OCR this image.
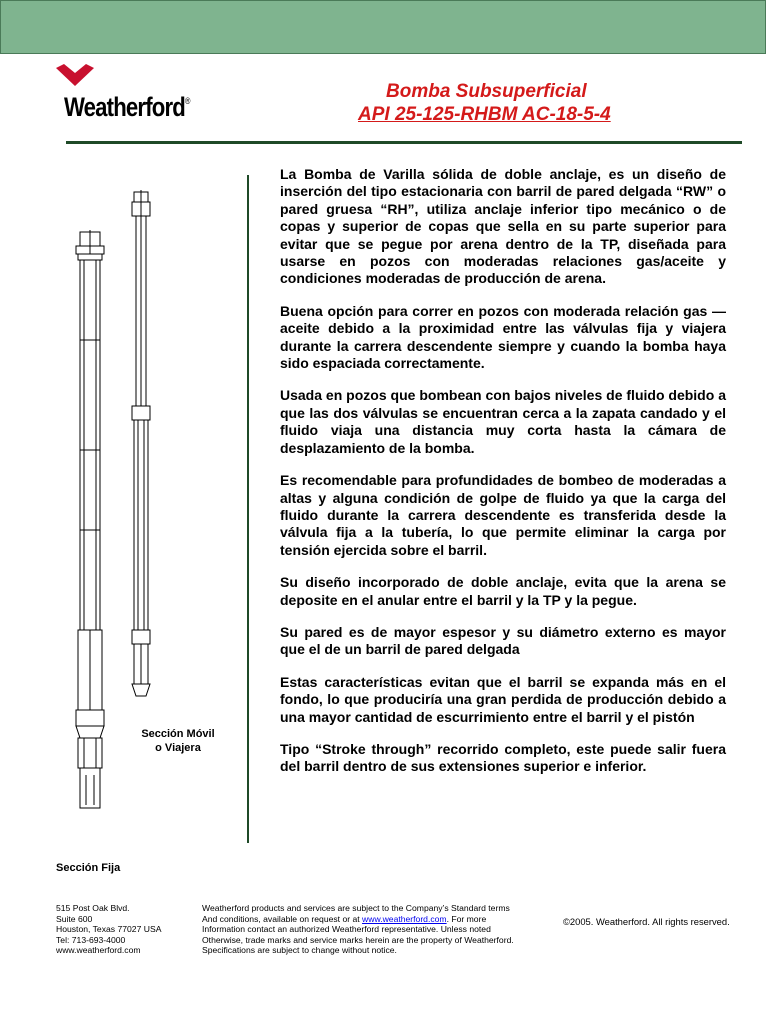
Weatherford®	Bomba Subsuperficial
API 25-125-RHBM AC-18-5-4

La Bomba de Varilla sólida de doble anclaje, es un diseño de inserción del tipo estacionaria con barril de pared delgada “RW” o pared gruesa “RH”, utiliza anclaje inferior tipo mecánico o de copas y superior de copas que sella en su parte superior para evitar que se pegue por arena dentro de la TP, diseñada para usarse en pozos con moderadas relaciones gas/aceite y condiciones moderadas de producción de arena.

Buena opción para correr en pozos con moderada relación gas — aceite debido a la proximidad entre las válvulas fija y viajera durante la carrera descendente siempre y cuando la bomba haya sido espaciada correctamente.

Usada en pozos que bombean con bajos niveles de fluido debido a que las dos válvulas se encuentran cerca a la zapata candado y el fluido viaja una distancia muy corta hasta la cámara de desplazamiento de la bomba.

Es recomendable para profundidades de bombeo de moderadas a altas y alguna condición de golpe de fluido ya que la carga del fluido durante la carrera descendente es transferida desde la válvula fija a la tubería, lo que permite eliminar la carga por tensión ejercida sobre el barril.

Su diseño incorporado de doble anclaje, evita que la arena se deposite en el anular entre el barril y la TP y la pegue.

Su pared es de mayor espesor y su diámetro externo es mayor que el de un barril de pared delgada

Estas características evitan que el barril se expanda más en el fondo, lo que produciría una gran perdida de producción debido a una mayor cantidad de escurrimiento entre el barril y el pistón

Tipo “Stroke through” recorrido completo, este puede salir fuera del barril dentro de sus extensiones superior e inferior.

Sección Móvil
o Viajera
Sección Fija
515 Post Oak Blvd.
Suite 600
Houston, Texas 77027 USA
Tel: 713-693-4000
www.weatherford.com
Weatherford products and services are subject to the Company’s Standard terms
And conditions, available on request or at www.weatherford.com. For more
Information contact an authorized Weatherford representative. Unless noted
Otherwise, trade marks and service marks herein are the property of Weatherford.
Specifications are subject to change without notice.
©2005. Weatherford. All rights reserved.
